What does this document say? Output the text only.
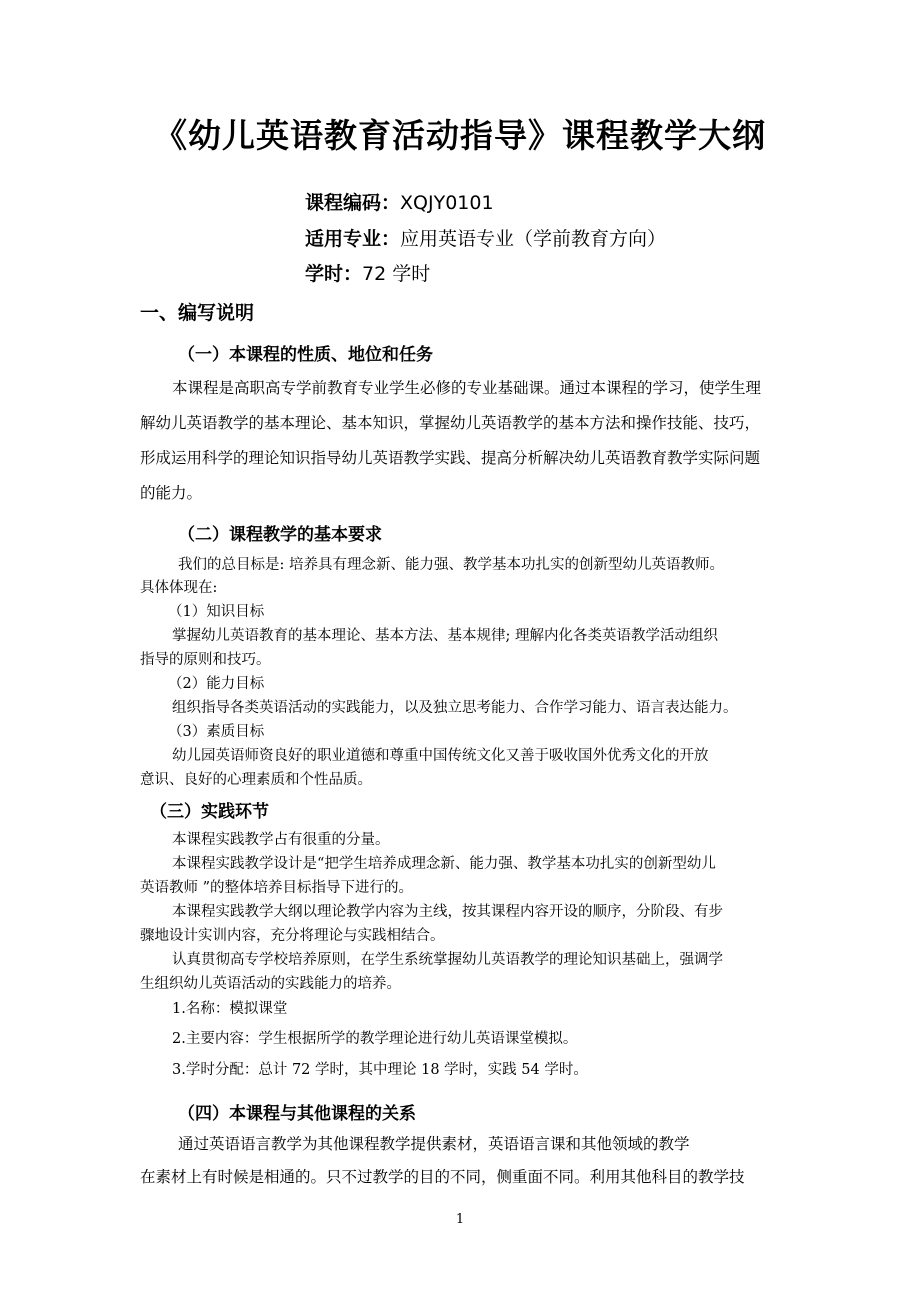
《幼儿英语教育活动指导》课程教学大纲

课程编码：XQJY0101

适用专业：应用英语专业（学前教育方向）

学时：72 学时

一、编写说明

（一）本课程的性质、地位和任务

本课程是高职高专学前教育专业学生必修的专业基础课。通过本课程的学习，使学生理

解幼儿英语教学的基本理论、基本知识，掌握幼儿英语教学的基本方法和操作技能、技巧，

形成运用科学的理论知识指导幼儿英语教学实践、提高分析解决幼儿英语教育教学实际问题

的能力。

（二）课程教学的基本要求

我们的总目标是: 培养具有理念新、能力强、教学基本功扎实的创新型幼儿英语教师。

具体体现在:

（1）知识目标

掌握幼儿英语教育的基本理论、基本方法、基本规律; 理解内化各类英语教学活动组织

指导的原则和技巧。

（2）能力目标

组织指导各类英语活动的实践能力，以及独立思考能力、合作学习能力、语言表达能力。

（3）素质目标

幼儿园英语师资良好的职业道德和尊重中国传统文化又善于吸收国外优秀文化的开放

意识、良好的心理素质和个性品质。

（三）实践环节

本课程实践教学占有很重的分量。

本课程实践教学设计是“把学生培养成理念新、能力强、教学基本功扎实的创新型幼儿

英语教师 ”的整体培养目标指导下进行的。

本课程实践教学大纲以理论教学内容为主线，按其课程内容开设的顺序，分阶段、有步

骤地设计实训内容，充分将理论与实践相结合。

认真贯彻高专学校培养原则，在学生系统掌握幼儿英语教学的理论知识基础上，强调学

生组织幼儿英语活动的实践能力的培养。

1.名称：模拟课堂

2.主要内容：学生根据所学的教学理论进行幼儿英语课堂模拟。

3.学时分配：总计 72 学时，其中理论 18 学时，实践 54 学时。

（四）本课程与其他课程的关系

通过英语语言教学为其他课程教学提供素材，英语语言课和其他领域的教学

在素材上有时候是相通的。只不过教学的目的不同，侧重面不同。利用其他科目的教学技

1
